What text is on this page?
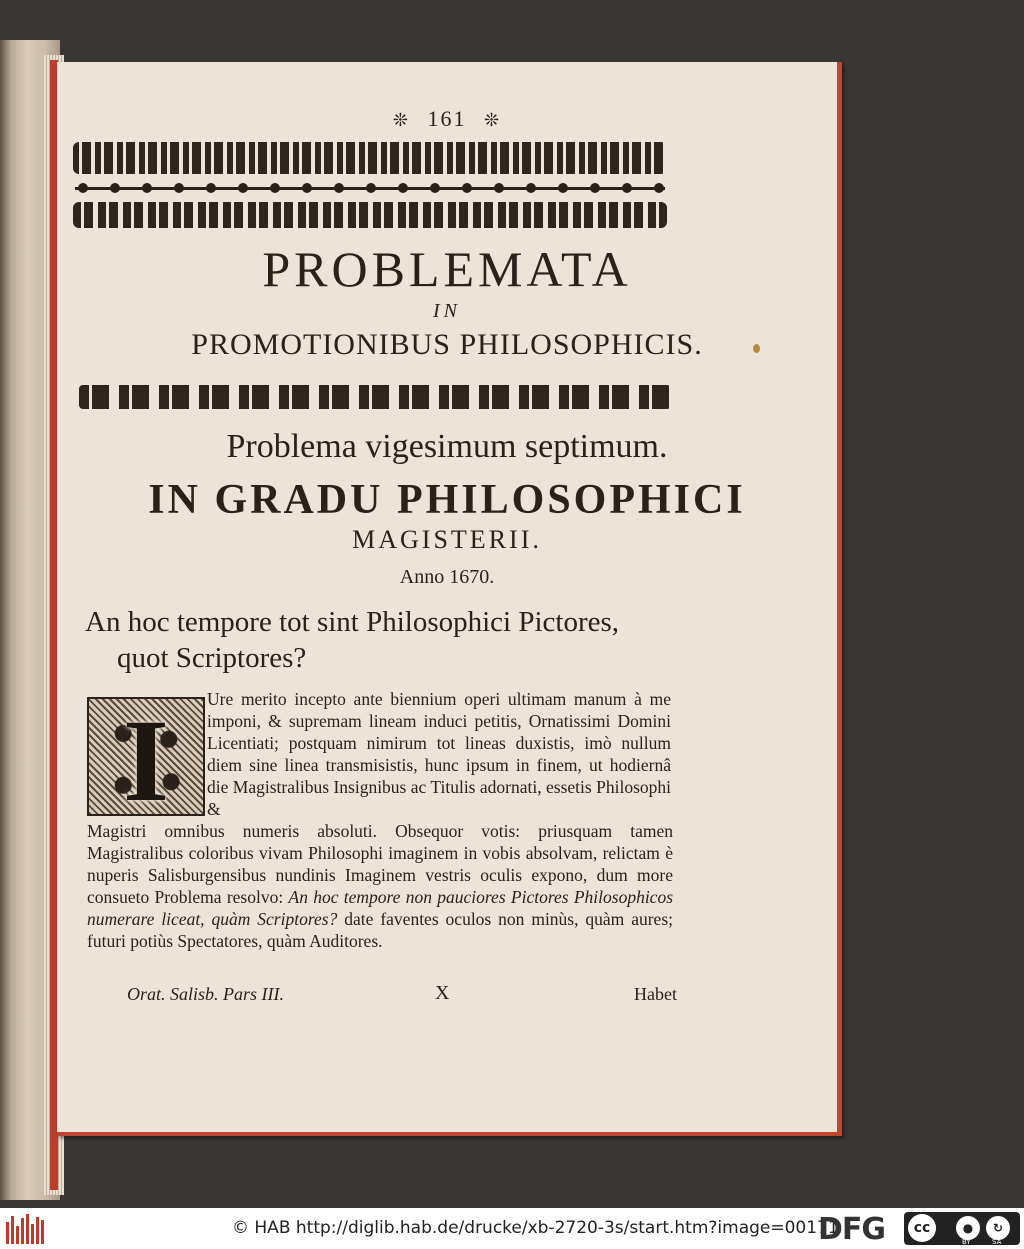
❊ 161 ❊
PROBLEMATA
IN
PROMOTIONIBUS PHILOSOPHICIS.
Problema vigesimum septimum.
IN GRADU PHILOSOPHICI
MAGISTERII.
Anno 1670.
An hoc tempore tot sint Philosophici Pictores,
quot Scriptores?
I	Ure merito incepto ante biennium operi ultimam manum à me imponi, & supremam lineam induci petitis, Ornatissimi Domini Licentiati; postquam nimirum tot lineas duxistis, imò nullum diem sine linea transmisistis, hunc ipsum in finem, ut hodiernâ die Magistralibus Insignibus ac Titulis adornati, essetis Philosophi &
Magistri omnibus numeris absoluti. Obsequor votis: priusquam tamen Magistralibus coloribus vivam Philosophi imaginem in vobis absolvam, relictam è nuperis Salisburgensibus nundinis Imaginem vestris oculis expono, dum more consueto Problema resolvo: An hoc tempore non pauciores Pictores Philosophicos numerare liceat, quàm Scriptores? date faventes oculos non minùs, quàm aures; futuri potiùs Spectatores, quàm Auditores.
Orat. Salisb. Pars III.	X	Habet
© HAB http://diglib.hab.de/drucke/xb-2720-3s/start.htm?image=00171
DFG	cc	●	↻
BY	SA
